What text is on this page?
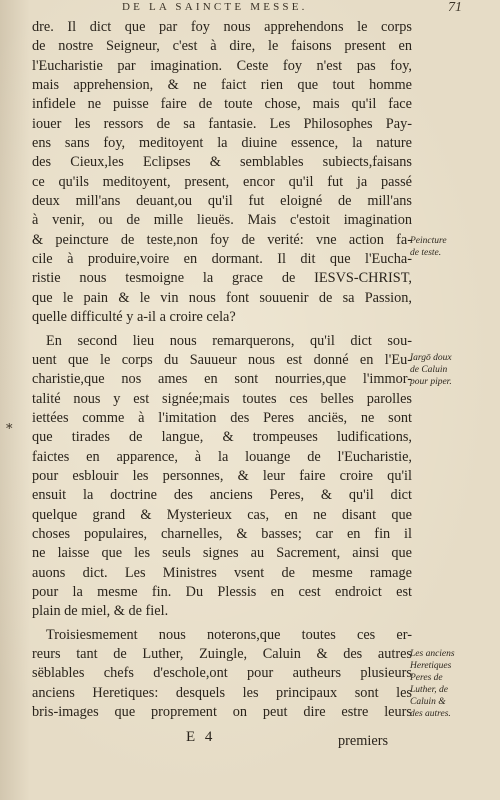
DE LA SAINCTE MESSE.	71
dre. Il dict que par foy nous apprehendons le corps
de nostre Seigneur, c'est à dire, le faisons present en
l'Eucharistie par imagination. Ceste foy n'est pas foy,
mais apprehension, & ne faict rien que tout homme
infidele ne puisse faire de toute chose, mais qu'il face
iouer les ressors de sa fantasie. Les Philosophes Pay-
ens sans foy, meditoyent la diuine essence, la nature
des Cieux,les Eclipses & semblables subiects,faisans
ce qu'ils meditoyent, present, encor qu'il fut ja passé
deux mill'ans deuant,ou qu'il fut eloigné de mill'ans
à venir, ou de mille lieuës. Mais c'estoit imagination
& peincture de teste,non foy de verité: vne action fa-
cile à produire,voire en dormant. Il dit que l'Eucha-
ristie nous tesmoigne la grace de IESVS-CHRIST,
que le pain & le vin nous font souuenir de sa Passion,
quelle difficulté y a-il a croire cela?
En second lieu nous remarquerons, qu'il dict sou-
uent que le corps du Sauueur nous est donné en l'Eu-
charistie,que nos ames en sont nourries,que l'immor-
talité nous y est signée;mais toutes ces belles parolles
iettées comme à l'imitation des Peres anciës, ne sont
que tirades de langue, & trompeuses ludifications,
faictes en apparence, à la louange de l'Eucharistie,
pour esblouir les personnes, & leur faire croire qu'il
ensuit la doctrine des anciens Peres, & qu'il dict
quelque grand & Mysterieux cas, en ne disant que
choses populaires, charnelles, & basses; car en fin il
ne laisse que les seuls signes au Sacrement, ainsi que
auons dict. Les Ministres vsent de mesme ramage
pour la mesme fin. Du Plessis en cest endroict est
plain de miel, & de fiel.
Troisiesmement nous noterons,que toutes ces er-
reurs tant de Luther, Zuingle, Caluin & des autres
sëblables chefs d'eschole,ont pour autheurs plusieurs
anciens Heretiques: desquels les principaux sont les
bris-images que proprement on peut dire estre leurs
*
Peincture
de teste.
Iargō doux
de Caluin
pour piper.
Les anciens
Heretiques
Peres de
Luther, de
Caluin &
des autres.
E 4	premiers
